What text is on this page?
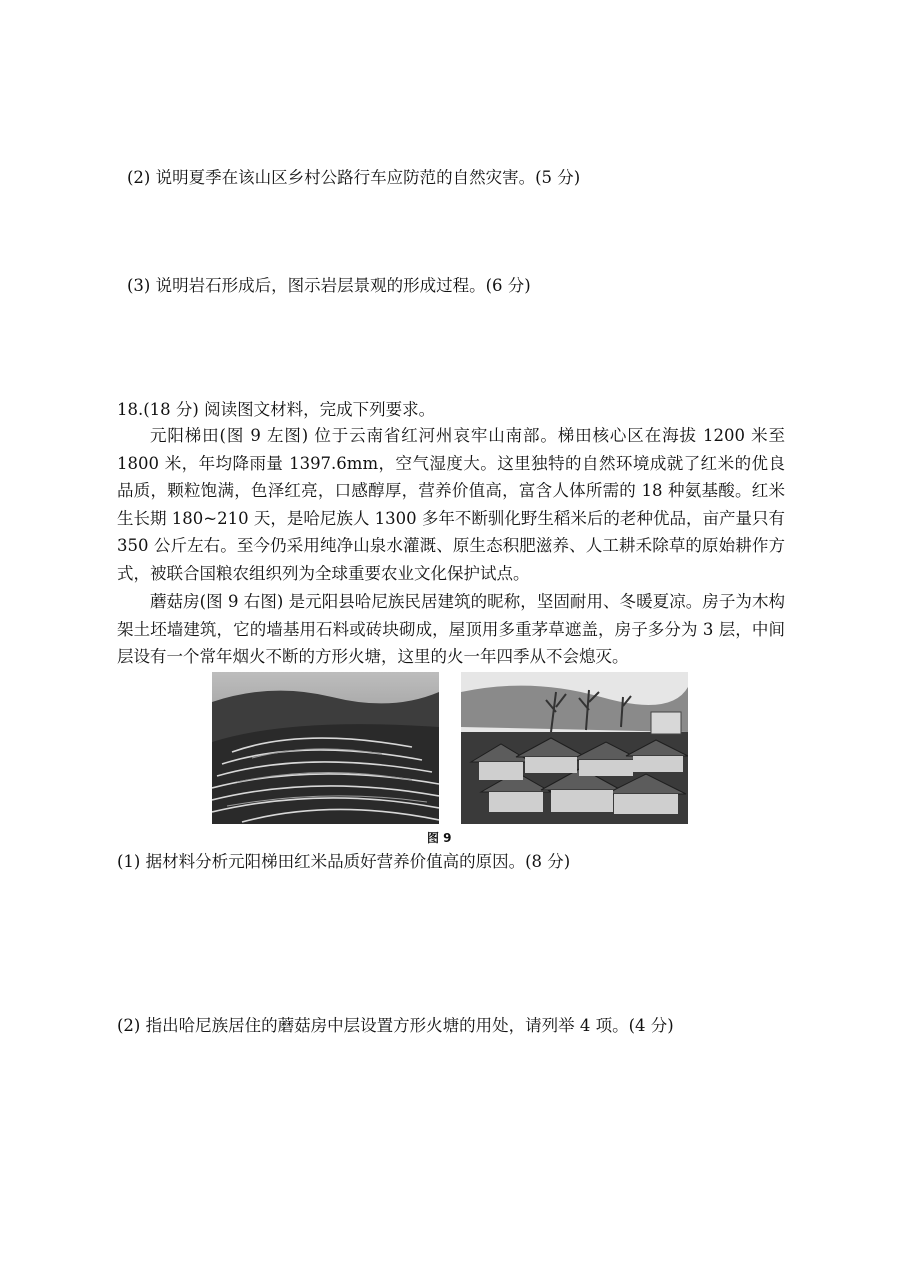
(2) 说明夏季在该山区乡村公路行车应防范的自然灾害。(5 分)

(3) 说明岩石形成后，图示岩层景观的形成过程。(6 分)

18.(18 分) 阅读图文材料，完成下列要求。

元阳梯田(图 9 左图) 位于云南省红河州哀牢山南部。梯田核心区在海拔 1200 米至 1800 米，年均降雨量 1397.6mm，空气湿度大。这里独特的自然环境成就了红米的优良品质，颗粒饱满，色泽红亮，口感醇厚，营养价值高，富含人体所需的 18 种氨基酸。红米生长期 180~210 天，是哈尼族人 1300 多年不断驯化野生稻米后的老种优品，亩产量只有 350 公斤左右。至今仍采用纯净山泉水灌溉、原生态积肥滋养、人工耕禾除草的原始耕作方式，被联合国粮农组织列为全球重要农业文化保护试点。

蘑菇房(图 9 右图) 是元阳县哈尼族民居建筑的昵称，坚固耐用、冬暖夏凉。房子为木构架土坯墙建筑，它的墙基用石料或砖块砌成，屋顶用多重茅草遮盖，房子多分为 3 层，中间层设有一个常年烟火不断的方形火塘，这里的火一年四季从不会熄灭。

图 9

(1) 据材料分析元阳梯田红米品质好营养价值高的原因。(8 分)

(2) 指出哈尼族居住的蘑菇房中层设置方形火塘的用处，请列举 4 项。(4 分)
